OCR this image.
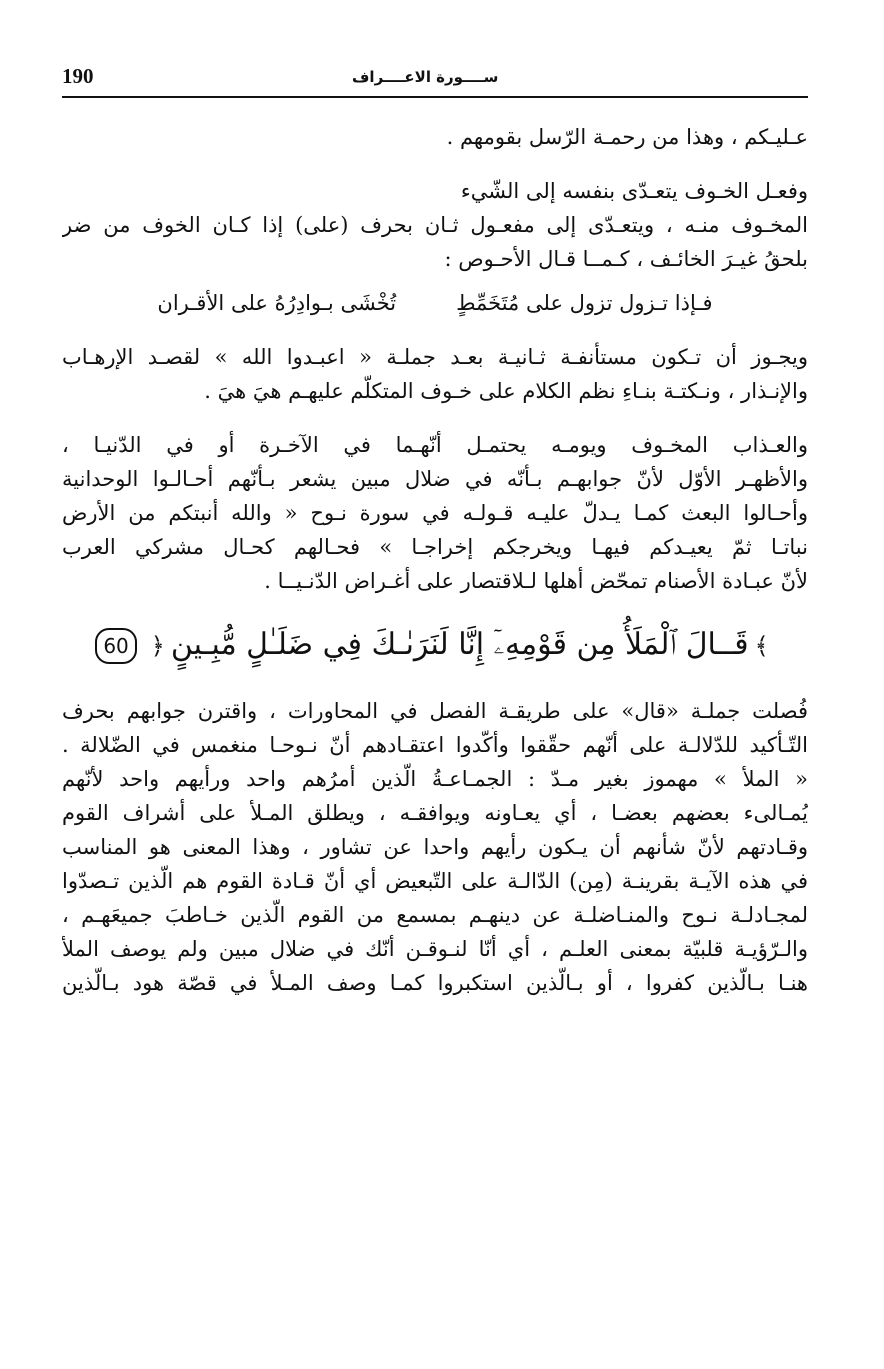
190	ســــورة الاعــــراف
عـليـكم ، وهذا من رحمـة الرّسل بقومهم .
وفعـل الخـوف يتعـدّى بنفسه إلى الشّيء
المخـوف منـه ، ويتعـدّى إلى مفعـول ثـان بحرف (على) إذا كـان الخوف من ضر
بلحقُ غيـرَ الخائـف ، كـمــا قـال الأحـوص :
فـإذا تـزول تزول على مُتَخَمِّطٍ
تُخْشَى بـوادِرُهُ على الأقـران
ويجـوز أن تـكون مستأنفـة ثـانيـة بعـد جملـة « اعبـدوا الله » لقصـد الإرهـاب
والإنـذار ، ونـكتـة بنـاءِ نظم الكلام على خـوف المتكلّم عليهـم هيَ هيَ .
والعـذاب المخـوف ويومـه يحتمـل أنّهـما في الآخـرة أو في الدّنيـا ،
والأظهـر الأوّل لأنّ جوابهـم بـأنّه في ضلال مبين يشعر بـأنّهم أحـالـوا الوحدانية
وأحـالوا البعث كمـا يـدلّ عليـه قـولـه في سورة نـوح « والله أنبتكم من الأرض
نباتـا ثمّ يعيـدكم فيهـا ويخرجكم إخراجـا » فحـالهم كحـال مشركي العرب
لأنّ عبـادة الأصنام تمحّض أهلها لـلاقتصار على أغـراض الدّنـيــا .
﴾قَــالَ ٱلْمَلَأُ مِن قَوْمِهِۦٓ إِنَّا لَنَرَىٰـكَ فِي ضَلَـٰلٍ مُّبِـينٍ﴿60
فُصلت جملـة «قال» على طريقـة الفصل في المحاورات ، واقترن جوابهم بحرف
التّـأكيد للدّلالـة على أنّهم حقّقوا وأكّدوا اعتقـادهم أنّ نـوحـا منغمس في الضّلالة .
« الملأ » مهموز بغير مـدّ : الجمـاعـةُ الّذين أمرُهم واحد ورأيهم واحد لأنّهم
يُمـالىء بعضهم بعضـا ، أي يعـاونه ويوافقـه ، ويطلق المـلأ على أشراف القوم
وقـادتهم لأنّ شأنهم أن يـكون رأيهم واحدا عن تشاور ، وهذا المعنى هو المناسب
في هذه الآيـة بقرينـة (مِن) الدّالـة على التّبعيض أي أنّ قـادة القوم هم الّذين تـصدّوا
لمجـادلـة نـوح والمنـاضلـة عن دينهـم بمسمع من القوم الّذين خـاطبَ جميعَهـم ،
والـرّؤيـة قلبيّة بمعنى العلـم ، أي أنّا لنـوقـن أنّك في ضلال مبين ولم يوصف الملأ
هنـا بـالّذين كفروا ، أو بـالّذين استكبروا كمـا وصف المـلأ في قصّة هود بـالّذين
